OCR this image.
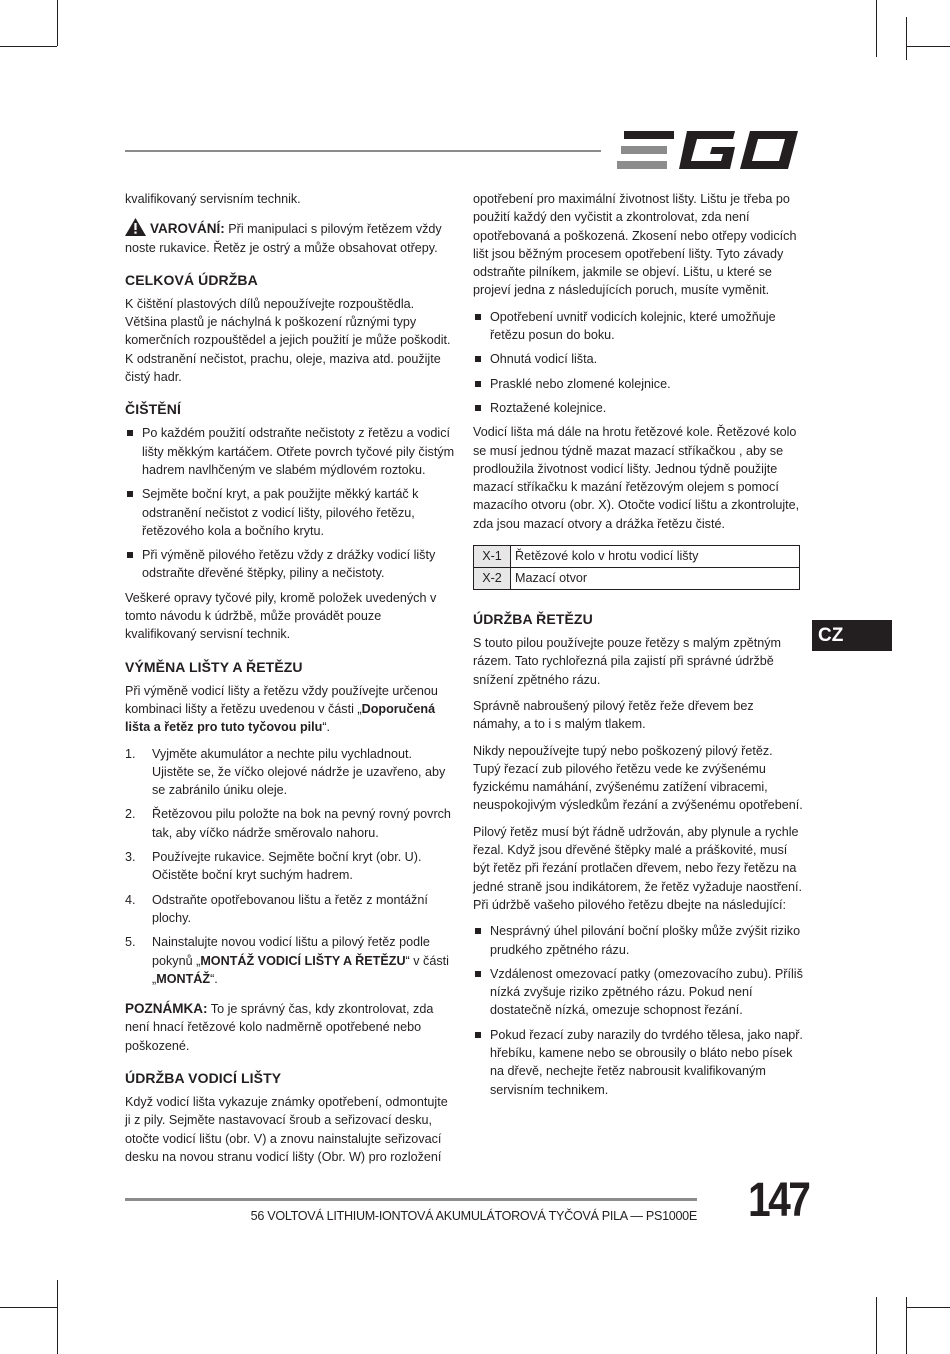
kvalifikovaný servisním technik.

VAROVÁNÍ: Při manipulaci s pilovým řetězem vždy noste rukavice. Řetěz je ostrý a může obsahovat otřepy.

CELKOVÁ ÚDRŽBA

K čištění plastových dílů nepoužívejte rozpouštědla. Většina plastů je náchylná k poškození různými typy komerčních rozpouštědel a jejich použití je může poškodit. K odstranění nečistot, prachu, oleje, maziva atd. použijte čistý hadr.

ČIŠTĚNÍ
Po každém použití odstraňte nečistoty z řetězu a vodicí lišty měkkým kartáčem. Otřete povrch tyčové pily čistým hadrem navlhčeným ve slabém mýdlovém roztoku.
Sejměte boční kryt, a pak použijte měkký kartáč k odstranění nečistot z vodicí lišty, pilového řetězu, řetězového kola a bočního krytu.
Při výměně pilového řetězu vždy z drážky vodicí lišty odstraňte dřevěné štěpky, piliny a nečistoty.

Veškeré opravy tyčové pily, kromě položek uvedených v tomto návodu k údržbě, může provádět pouze kvalifikovaný servisní technik.

VÝMĚNA LIŠTY A ŘETĚZU

Při výměně vodicí lišty a řetězu vždy používejte určenou kombinaci lišty a řetězu uvedenou v části „Doporučená lišta a řetěz pro tuto tyčovou pilu“.

1. Vyjměte akumulátor a nechte pilu vychladnout. Ujistěte se, že víčko olejové nádrže je uzavřeno, aby se zabránilo úniku oleje.
2. Řetězovou pilu položte na bok na pevný rovný povrch tak, aby víčko nádrže směrovalo nahoru.
3. Používejte rukavice. Sejměte boční kryt (obr. U). Očistěte boční kryt suchým hadrem.
4. Odstraňte opotřebovanou lištu a řetěz z montážní plochy.
5. Nainstalujte novou vodicí lištu a pilový řetěz podle pokynů „MONTÁŽ VODICÍ LIŠTY A ŘETĚZU“ v části „MONTÁŽ“.

POZNÁMKA: To je správný čas, kdy zkontrolovat, zda není hnací řetězové kolo nadměrně opotřebené nebo poškozené.

ÚDRŽBA VODICÍ LIŠTY

Když vodicí lišta vykazuje známky opotřebení, odmontujte ji z pily. Sejměte nastavovací šroub a seřizovací desku, otočte vodicí lištu (obr. V) a znovu nainstalujte seřizovací desku na novou stranu vodicí lišty (Obr. W) pro rozložení

opotřebení pro maximální životnost lišty. Lištu je třeba po použití každý den vyčistit a zkontrolovat, zda není opotřebovaná a poškozená. Zkosení nebo otřepy vodicích lišt jsou běžným procesem opotřebení lišty. Tyto závady odstraňte pilníkem, jakmile se objeví. Lištu, u které se projeví jedna z následujících poruch, musíte vyměnit.

Opotřebení uvnitř vodicích kolejnic, které umožňuje řetězu posun do boku.
Ohnutá vodicí lišta.
Prasklé nebo zlomené kolejnice.
Roztažené kolejnice.

Vodicí lišta má dále na hrotu řetězové kole. Řetězové kolo se musí jednou týdně mazat mazací stříkačkou , aby se prodloužila životnost vodicí lišty. Jednou týdně použijte mazací stříkačku k mazání řetězovým olejem s pomocí mazacího otvoru (obr. X). Otočte vodicí lištu a zkontrolujte, zda jsou mazací otvory a drážka řetězu čisté.

X-1	Řetězové kolo v hrotu vodicí lišty
X-2	Mazací otvor
ÚDRŽBA ŘETĚZU

S touto pilou používejte pouze řetězy s malým zpětným rázem. Tato rychlořezná pila zajistí při správné údržbě snížení zpětného rázu.

Správně nabroušený pilový řetěz řeže dřevem bez námahy, a to i s malým tlakem.

Nikdy nepoužívejte tupý nebo poškozený pilový řetěz. Tupý řezací zub pilového řetězu vede ke zvýšenému fyzickému namáhání, zvýšenému zatížení vibracemi, neuspokojivým výsledkům řezání a zvýšenému opotřebení.

Pilový řetěz musí být řádně udržován, aby plynule a rychle řezal. Když jsou dřevěné štěpky malé a práškovité, musí být řetěz při řezání protlačen dřevem, nebo řezy řetězu na jedné straně jsou indikátorem, že řetěz vyžaduje naostření. Při údržbě vašeho pilového řetězu dbejte na následující:

Nesprávný úhel pilování boční plošky může zvýšit riziko prudkého zpětného rázu.
Vzdálenost omezovací patky (omezovacího zubu). Příliš nízká zvyšuje riziko zpětného rázu. Pokud není dostatečně nízká, omezuje schopnost řezání.
Pokud řezací zuby narazily do tvrdého tělesa, jako např. hřebíku, kamene nebo se obrousily o bláto nebo písek na dřevě, nechejte řetěz nabrousit kvalifikovaným servisním technikem.
CZ
56 VOLTOVÁ LITHIUM-IONTOVÁ AKUMULÁTOROVÁ TYČOVÁ PILA — PS1000E 147
